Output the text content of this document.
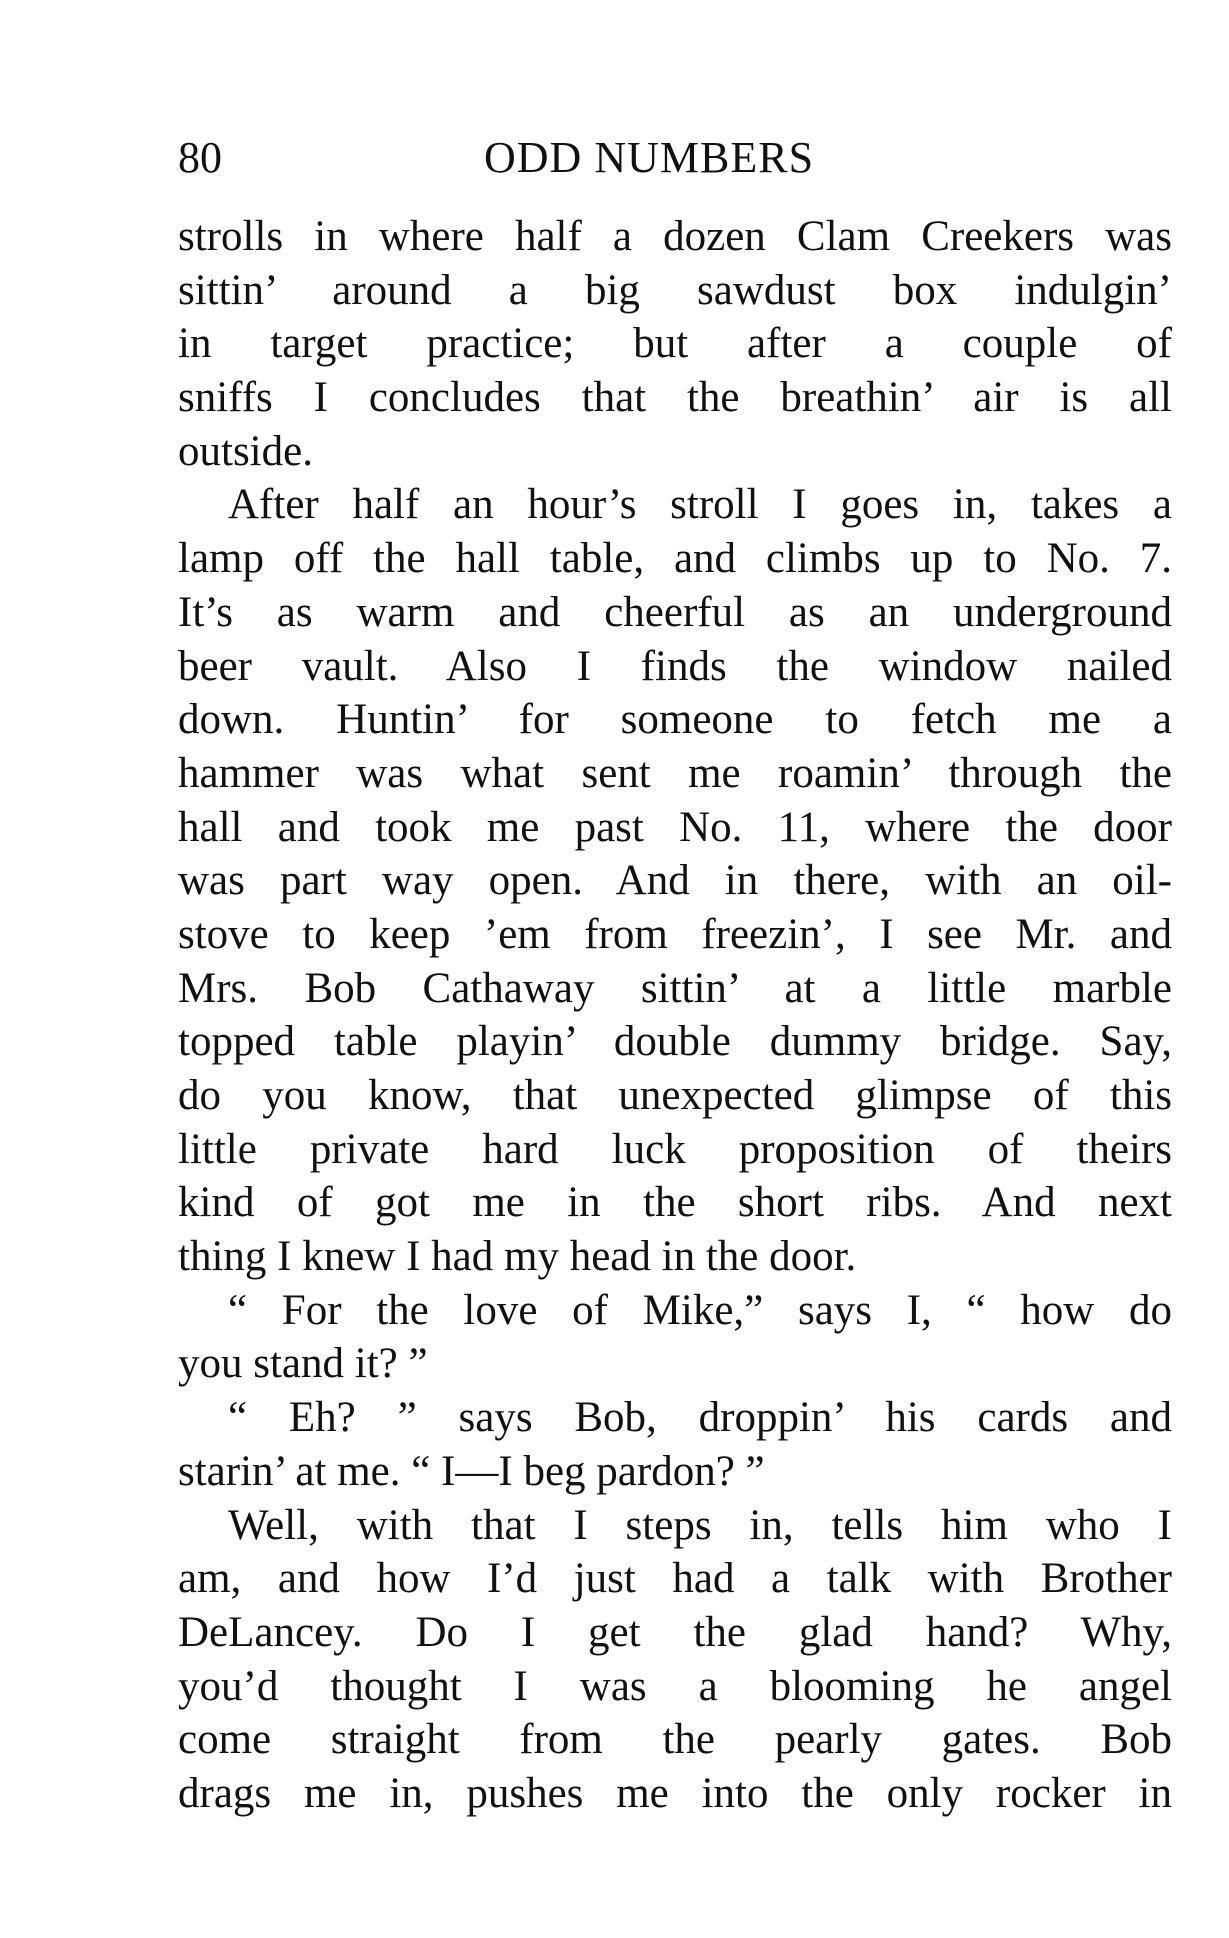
80	ODD NUMBERS
strolls in where half a dozen Clam Creekers was
sittin’ around a big sawdust box indulgin’
in target practice; but after a couple of
sniffs I concludes that the breathin’ air is all
outside.
After half an hour’s stroll I goes in, takes a
lamp off the hall table, and climbs up to No. 7.
It’s as warm and cheerful as an underground
beer vault. Also I finds the window nailed
down. Huntin’ for someone to fetch me a
hammer was what sent me roamin’ through the
hall and took me past No. 11, where the door
was part way open. And in there, with an oil-
stove to keep ’em from freezin’, I see Mr. and
Mrs. Bob Cathaway sittin’ at a little marble
topped table playin’ double dummy bridge. Say,
do you know, that unexpected glimpse of this
little private hard luck proposition of theirs
kind of got me in the short ribs. And next
thing I knew I had my head in the door.
“ For the love of Mike,” says I, “ how do
you stand it? ”
“ Eh? ” says Bob, droppin’ his cards and
starin’ at me. “ I—I beg pardon? ”
Well, with that I steps in, tells him who I
am, and how I’d just had a talk with Brother
DeLancey. Do I get the glad hand? Why,
you’d thought I was a blooming he angel
come straight from the pearly gates. Bob
drags me in, pushes me into the only rocker in
